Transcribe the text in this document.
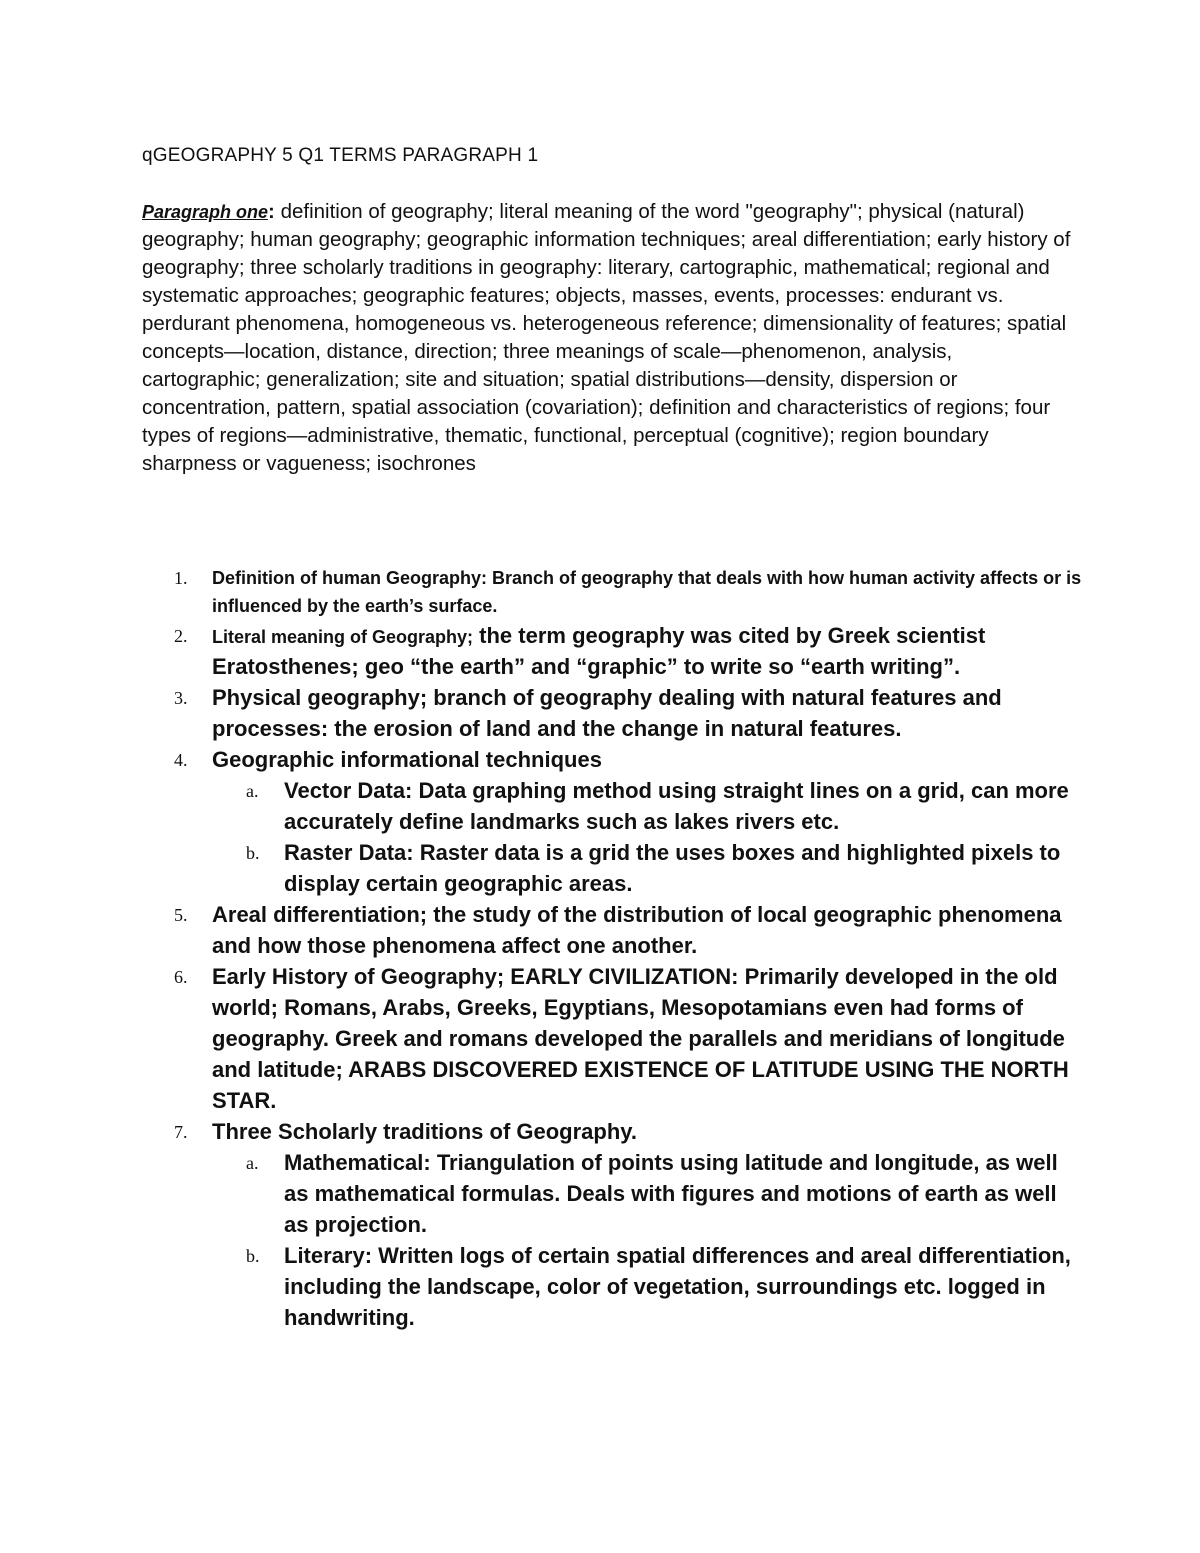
qGEOGRAPHY 5 Q1 TERMS PARAGRAPH 1
Paragraph one: definition of geography; literal meaning of the word "geography"; physical (natural) geography; human geography; geographic information techniques; areal differentiation; early history of geography; three scholarly traditions in geography: literary, cartographic, mathematical; regional and systematic approaches; geographic features; objects, masses, events, processes: endurant vs. perdurant phenomena, homogeneous vs. heterogeneous reference; dimensionality of features; spatial concepts—location, distance, direction; three meanings of scale—phenomenon, analysis, cartographic; generalization; site and situation; spatial distributions—density, dispersion or concentration, pattern, spatial association (covariation); definition and characteristics of regions; four types of regions—administrative, thematic, functional, perceptual (cognitive); region boundary sharpness or vagueness; isochrones
1. Definition of human Geography: Branch of geography that deals with how human activity affects or is influenced by the earth’s surface.
2. Literal meaning of Geography; the term geography was cited by Greek scientist Eratosthenes; geo “the earth” and “graphic” to write so “earth writing”.
3. Physical geography; branch of geography dealing with natural features and processes: the erosion of land and the change in natural features.
4. Geographic informational techniques
a. Vector Data: Data graphing method using straight lines on a grid, can more accurately define landmarks such as lakes rivers etc.
b. Raster Data: Raster data is a grid the uses boxes and highlighted pixels to display certain geographic areas.
5. Areal differentiation; the study of the distribution of local geographic phenomena and how those phenomena affect one another.
6. Early History of Geography; EARLY CIVILIZATION: Primarily developed in the old world; Romans, Arabs, Greeks, Egyptians, Mesopotamians even had forms of geography. Greek and romans developed the parallels and meridians of longitude and latitude; ARABS DISCOVERED EXISTENCE OF LATITUDE USING THE NORTH STAR.
7. Three Scholarly traditions of Geography.
a. Mathematical: Triangulation of points using latitude and longitude, as well as mathematical formulas. Deals with figures and motions of earth as well as projection.
b. Literary: Written logs of certain spatial differences and areal differentiation, including the landscape, color of vegetation, surroundings etc. logged in handwriting.
